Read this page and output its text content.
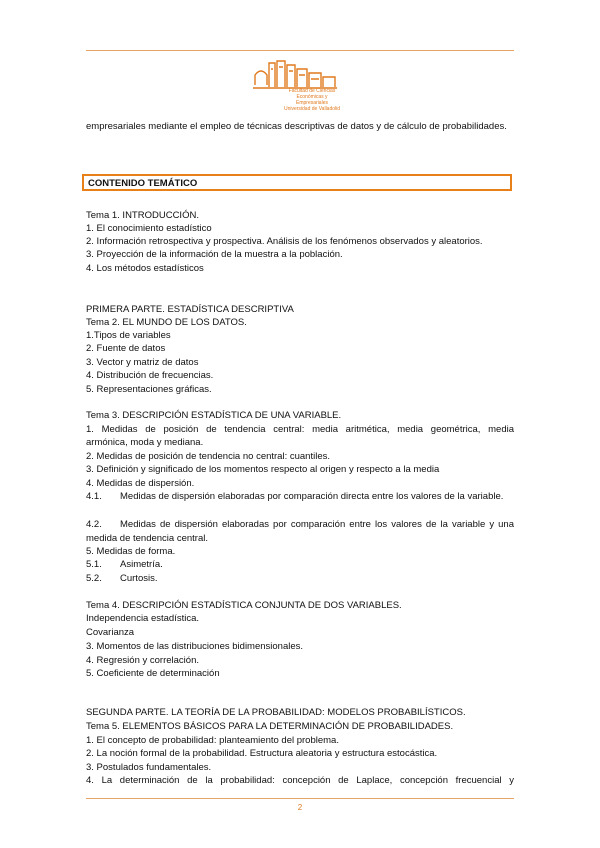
Facultad de Ciencias
Económicas y Empresariales
Universidad de Valladolid
empresariales mediante el empleo de técnicas descriptivas de datos y de cálculo de probabilidades.
CONTENIDO TEMÁTICO
Tema 1. INTRODUCCIÓN.
1. El conocimiento estadístico
2. Información retrospectiva y prospectiva. Análisis de los fenómenos observados y aleatorios.
3. Proyección de la información de la muestra a la población.
4. Los métodos estadísticos
PRIMERA PARTE. ESTADÍSTICA DESCRIPTIVA
Tema 2. EL MUNDO DE LOS DATOS.
1.Tipos de variables
2. Fuente de datos
3. Vector y matriz de datos
4. Distribución de frecuencias.
5. Representaciones gráficas.
Tema 3. DESCRIPCIÓN ESTADÍSTICA DE UNA VARIABLE.
1. Medidas de posición de tendencia central: media aritmética, media geométrica, media
armónica, moda y mediana.
2. Medidas de posición de tendencia no central: cuantiles.
3. Definición y significado de los momentos respecto al origen y respecto a la media
4. Medidas de dispersión.
4.1. Medidas de dispersión elaboradas por comparación directa entre los valores de la variable.
4.2. Medidas de dispersión elaboradas por comparación entre los valores de la variable y una medida de tendencia central.
5. Medidas de forma.
5.1. Asimetría.
5.2. Curtosis.
Tema 4. DESCRIPCIÓN ESTADÍSTICA CONJUNTA DE DOS VARIABLES.
Independencia estadística.
Covarianza
3. Momentos de las distribuciones bidimensionales.
4. Regresión y correlación.
5. Coeficiente de determinación
SEGUNDA PARTE. LA TEORÍA DE LA PROBABILIDAD: MODELOS PROBABILÍSTICOS.
Tema 5. ELEMENTOS BÁSICOS PARA LA DETERMINACIÓN DE PROBABILIDADES.
1. El concepto de probabilidad: planteamiento del problema.
2. La noción formal de la probabilidad. Estructura aleatoria y estructura estocástica.
3. Postulados fundamentales.
4. La determinación de la probabilidad: concepción de Laplace, concepción frecuencial y
2
